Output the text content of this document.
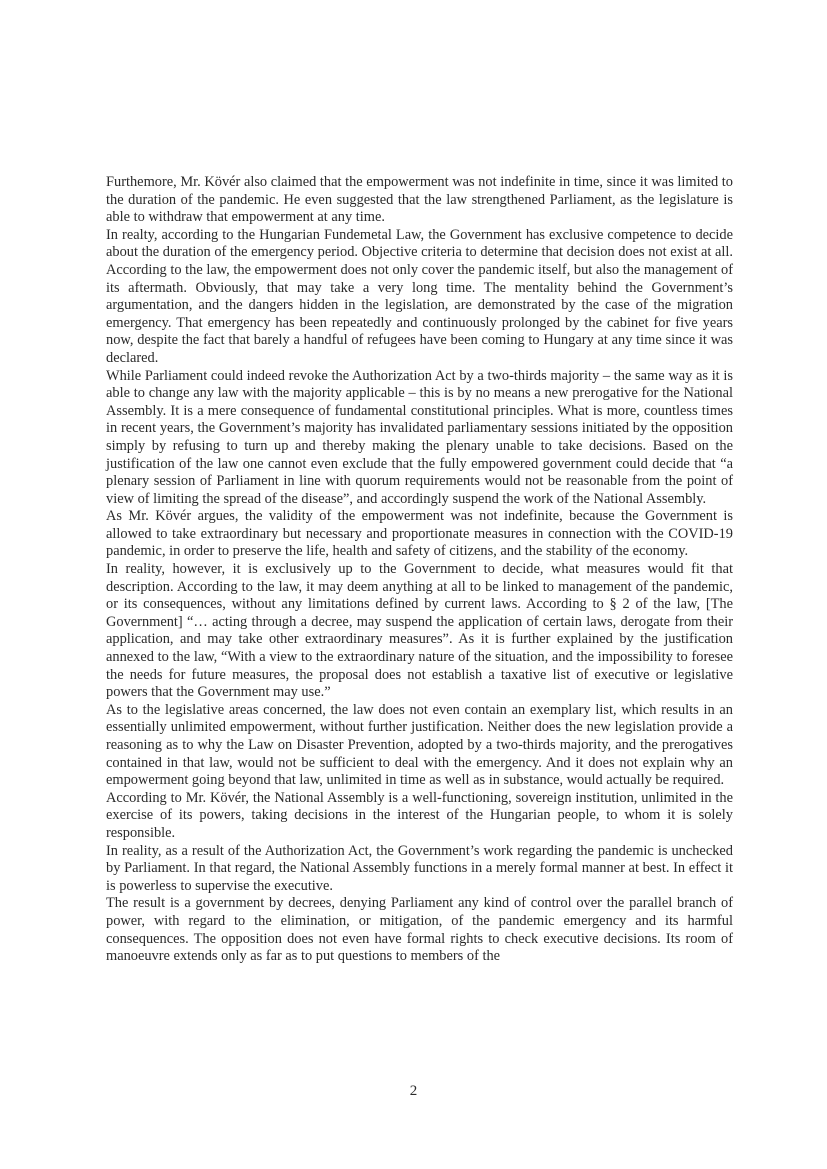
Furthemore, Mr. Kövér also claimed that the empowerment was not indefinite in time, since it was limited to the duration of the pandemic. He even suggested that the law strengthened Parliament, as the legislature is able to withdraw that empowerment at any time.

In realty, according to the Hungarian Fundemetal Law, the Government has exclusive competence to decide about the duration of the emergency period. Objective criteria to determine that decision does not exist at all. According to the law, the empowerment does not only cover the pandemic itself, but also the management of its aftermath. Obviously, that may take a very long time. The mentality behind the Government’s argumentation, and the dangers hidden in the legislation, are demonstrated by the case of the migration emergency. That emergency has been repeatedly and continuously prolonged by the cabinet for five years now, despite the fact that barely a handful of refugees have been coming to Hungary at any time since it was declared.

While Parliament could indeed revoke the Authorization Act by a two-thirds majority – the same way as it is able to change any law with the majority applicable – this is by no means a new prerogative for the National Assembly. It is a mere consequence of fundamental constitutional principles. What is more, countless times in recent years, the Government’s majority has invalidated parliamentary sessions initiated by the opposition simply by refusing to turn up and thereby making the plenary unable to take decisions. Based on the justification of the law one cannot even exclude that the fully empowered government could decide that “a plenary session of Parliament in line with quorum requirements would not be reasonable from the point of view of limiting the spread of the disease”, and accordingly suspend the work of the National Assembly.

As Mr. Kövér argues, the validity of the empowerment was not indefinite, because the Government is allowed to take extraordinary but necessary and proportionate measures in connection with the COVID-19 pandemic, in order to preserve the life, health and safety of citizens, and the stability of the economy.

In reality, however, it is exclusively up to the Government to decide, what measures would fit that description. According to the law, it may deem anything at all to be linked to management of the pandemic, or its consequences, without any limitations defined by current laws. According to § 2 of the law, [The Government] “… acting through a decree, may suspend the application of certain laws, derogate from their application, and may take other extraordinary measures”. As it is further explained by the justification annexed to the law, “With a view to the extraordinary nature of the situation, and the impossibility to foresee the needs for future measures, the proposal does not establish a taxative list of executive or legislative powers that the Government may use.”

As to the legislative areas concerned, the law does not even contain an exemplary list, which results in an essentially unlimited empowerment, without further justification. Neither does the new legislation provide a reasoning as to why the Law on Disaster Prevention, adopted by a two-thirds majority, and the prerogatives contained in that law, would not be sufficient to deal with the emergency. And it does not explain why an empowerment going beyond that law, unlimited in time as well as in substance, would actually be required.

According to Mr. Kövér, the National Assembly is a well-functioning, sovereign institution, unlimited in the exercise of its powers, taking decisions in the interest of the Hungarian people, to whom it is solely responsible.

In reality, as a result of the Authorization Act, the Government’s work regarding the pandemic is unchecked by Parliament. In that regard, the National Assembly functions in a merely formal manner at best. In effect it is powerless to supervise the executive.

The result is a government by decrees, denying Parliament any kind of control over the parallel branch of power, with regard to the elimination, or mitigation, of the pandemic emergency and its harmful consequences. The opposition does not even have formal rights to check executive decisions. Its room of manoeuvre extends only as far as to put questions to members of the

2
